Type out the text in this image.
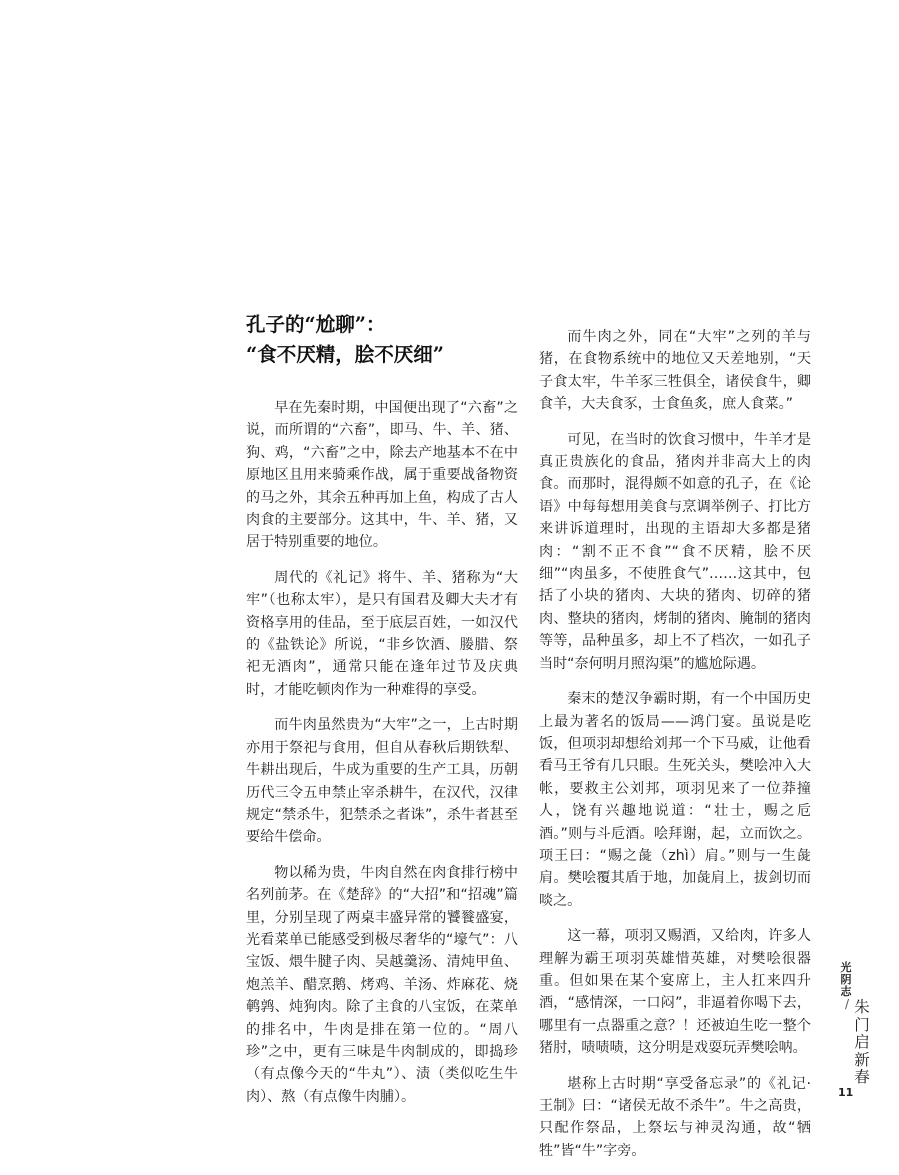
孔子的“尬聊”：
“食不厌精，脍不厌细”

早在先秦时期，中国便出现了“六畜”之说，而所谓的“六畜”，即马、牛、羊、猪、狗、鸡，“六畜”之中，除去产地基本不在中原地区且用来骑乘作战，属于重要战备物资的马之外，其余五种再加上鱼，构成了古人肉食的主要部分。这其中，牛、羊、猪，又居于特别重要的地位。

周代的《礼记》将牛、羊、猪称为“大牢”（也称太牢），是只有国君及卿大夫才有资格享用的佳品，至于底层百姓，一如汉代的《盐铁论》所说，“非乡饮酒、媵腊、祭祀无酒肉”，通常只能在逢年过节及庆典时，才能吃顿肉作为一种难得的享受。

而牛肉虽然贵为“大牢”之一，上古时期亦用于祭祀与食用，但自从春秋后期铁犁、牛耕出现后，牛成为重要的生产工具，历朝历代三令五申禁止宰杀耕牛，在汉代，汉律规定“禁杀牛，犯禁杀之者诛”，杀牛者甚至要给牛偿命。

物以稀为贵，牛肉自然在肉食排行榜中名列前茅。在《楚辞》的“大招”和“招魂”篇里，分别呈现了两桌丰盛异常的饕餮盛宴，光看菜单已能感受到极尽奢华的“壕气”：八宝饭、煨牛腱子肉、吴越羹汤、清炖甲鱼、炮羔羊、醋烹鹅、烤鸡、羊汤、炸麻花、烧鹌鹑、炖狗肉。除了主食的八宝饭，在菜单的排名中，牛肉是排在第一位的。“周八珍”之中，更有三味是牛肉制成的，即捣珍（有点像今天的“牛丸”）、渍（类似吃生牛肉）、熬（有点像牛肉脯）。

而牛肉之外，同在“大牢”之列的羊与猪，在食物系统中的地位又天差地别，“天子食太牢，牛羊豕三牲俱全，诸侯食牛，卿食羊，大夫食豕，士食鱼炙，庶人食菜。”

可见，在当时的饮食习惯中，牛羊才是真正贵族化的食品，猪肉并非高大上的肉食。而那时，混得颇不如意的孔子，在《论语》中每每想用美食与烹调举例子、打比方来讲诉道理时，出现的主语却大多都是猪肉：“割不正不食”“食不厌精，脍不厌细”“肉虽多，不使胜食气”……这其中，包括了小块的猪肉、大块的猪肉、切碎的猪肉、整块的猪肉，烤制的猪肉、腌制的猪肉等等，品种虽多，却上不了档次，一如孔子当时“奈何明月照沟渠”的尴尬际遇。

秦末的楚汉争霸时期，有一个中国历史上最为著名的饭局——鸿门宴。虽说是吃饭，但项羽却想给刘邦一个下马威，让他看看马王爷有几只眼。生死关头，樊哙冲入大帐，要救主公刘邦，项羽见来了一位莽撞人，饶有兴趣地说道：“壮士，赐之卮酒。”则与斗卮酒。哙拜谢，起，立而饮之。项王曰：“赐之彘（zhì）肩。”则与一生彘肩。樊哙覆其盾于地，加彘肩上，拔剑切而啖之。

这一幕，项羽又赐酒，又给肉，许多人理解为霸王项羽英雄惜英雄，对樊哙很器重。但如果在某个宴席上，主人扛来四升酒，“感情深，一口闷”，非逼着你喝下去，哪里有一点器重之意？！还被迫生吃一整个猪肘，啧啧啧，这分明是戏耍玩弄樊哙呐。

堪称上古时期“享受备忘录”的《礼记·王制》曰：“诸侯无故不杀牛”。牛之高贵，只配作祭品，上祭坛与神灵沟通，故“牺牲”皆“牛”字旁。

光阴志
/ 朱门启新春
11
